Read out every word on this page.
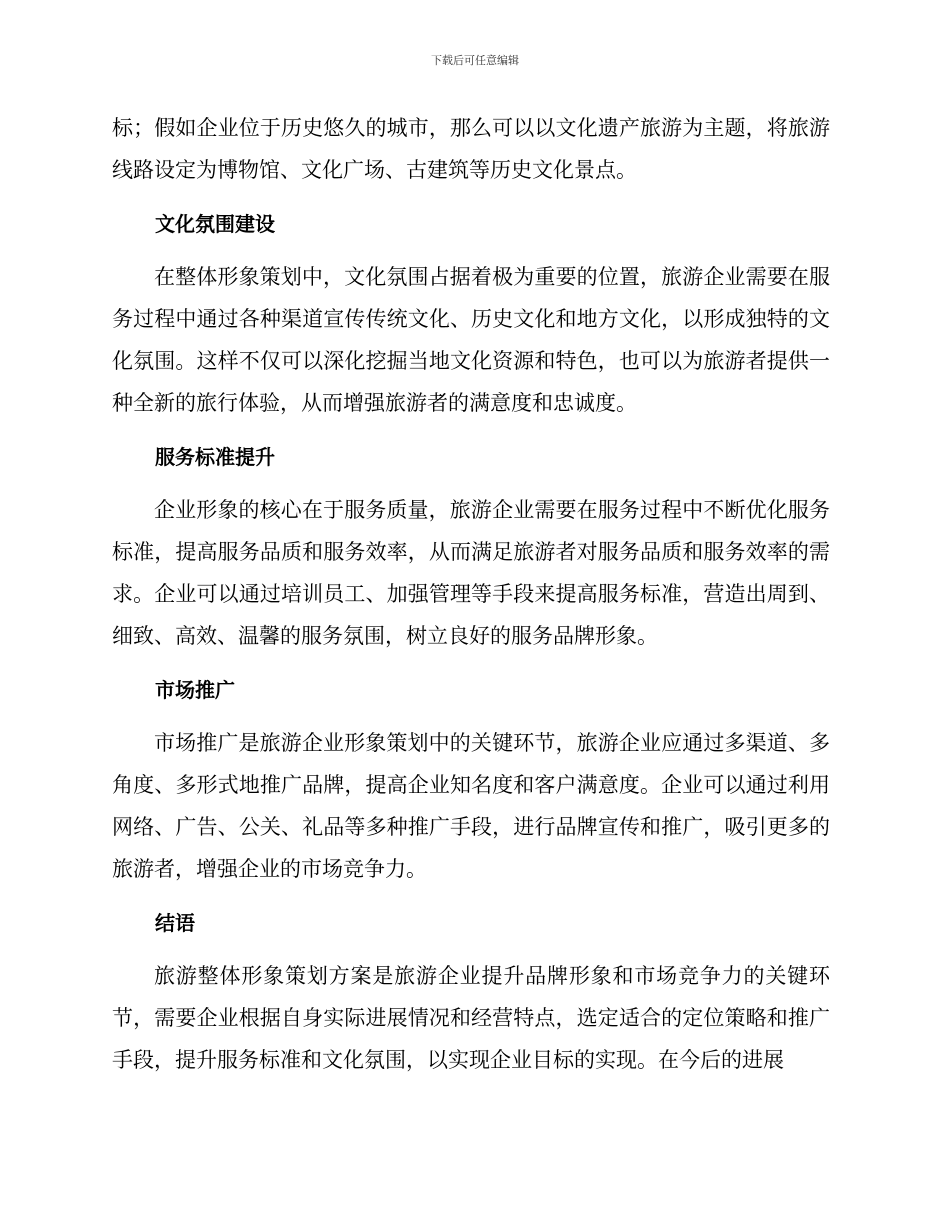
下载后可任意编辑

标；假如企业位于历史悠久的城市，那么可以以文化遗产旅游为主题，将旅游线路设定为博物馆、文化广场、古建筑等历史文化景点。

文化氛围建设

在整体形象策划中，文化氛围占据着极为重要的位置，旅游企业需要在服务过程中通过各种渠道宣传传统文化、历史文化和地方文化，以形成独特的文化氛围。这样不仅可以深化挖掘当地文化资源和特色，也可以为旅游者提供一种全新的旅行体验，从而增强旅游者的满意度和忠诚度。

服务标准提升

企业形象的核心在于服务质量，旅游企业需要在服务过程中不断优化服务标准，提高服务品质和服务效率，从而满足旅游者对服务品质和服务效率的需求。企业可以通过培训员工、加强管理等手段来提高服务标准，营造出周到、细致、高效、温馨的服务氛围，树立良好的服务品牌形象。

市场推广

市场推广是旅游企业形象策划中的关键环节，旅游企业应通过多渠道、多角度、多形式地推广品牌，提高企业知名度和客户满意度。企业可以通过利用网络、广告、公关、礼品等多种推广手段，进行品牌宣传和推广，吸引更多的旅游者，增强企业的市场竞争力。

结语

旅游整体形象策划方案是旅游企业提升品牌形象和市场竞争力的关键环节，需要企业根据自身实际进展情况和经营特点，选定适合的定位策略和推广手段，提升服务标准和文化氛围，以实现企业目标的实现。在今后的进展
